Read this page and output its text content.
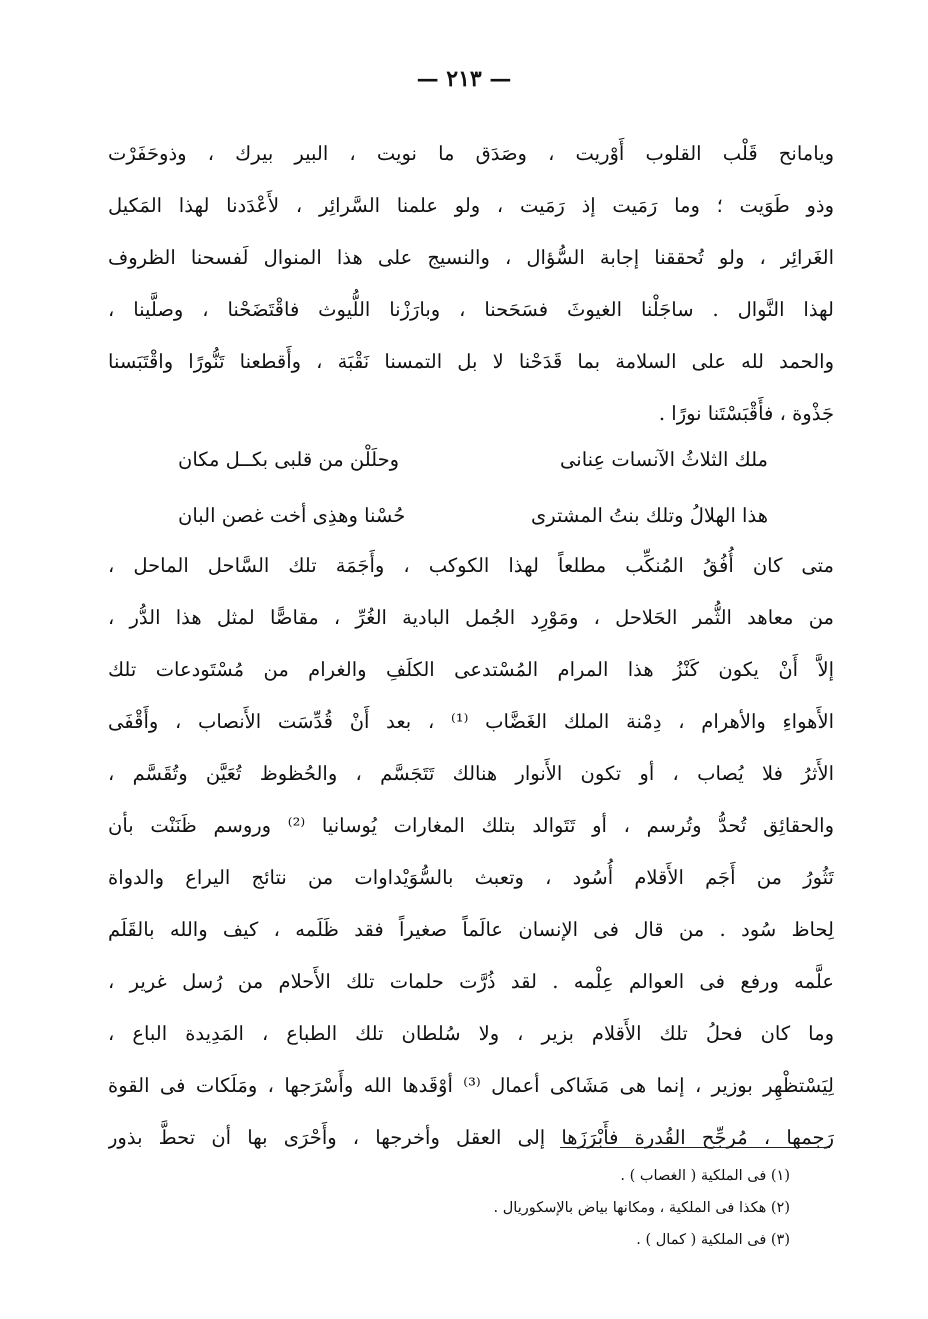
— ٢١٣ —
ويامانح قَلْب القلوب أَوْريت ، وصَدَق ما نويت ، البير بيرك ، وذوحَفَرْت
وذو طَوَيت ؛ وما رَمَيت إذ رَمَيت ، ولو علمنا السَّرائِر ، لأَعْدَدنا لهذا المَكيل
الغَرائِر ، ولو تُحققنا إجابة السُّؤال ، والنسيج على هذا المنوال لَفسحنا الظروف
لهذا النَّوال . ساجَلْنا الغيوثَ فسَحَحنا ، وبارَزْنا اللُّيوث فاقْتَضَحْنا ، وصلَّينا ،
والحمد لله على السلامة بما قَدَحْنا لا بل التمسنا نَقْبَة ، وأَقطعنا تَنُّورًا واقْتَبَسنا
جَذْوة ، فأَقْبَسْتَنا نورًا .
ملك الثلاثُ الآنسات عِنانى
وحلَلْن من قلبى بكــل مكان
هذا الهلالُ وتلك بنتُ المشترى
حُسْنا وهذِى أخت غصن البان
متى كان أُفُقُ المُنكِّب مطلعاً لهذا الكوكب ، وأَجَمَة تلك السَّاحل الماحل ،
من معاهد الثُّمر الحَلاحل ، ومَوْرِد الجُمل البادية الغُرِّ ، مقاصًّا لمثل هذا الدُّر ،
إلاَّ أَنْ يكون كَنْزُ هذا المرام المُسْتدعى الكلَفِ والغرام من مُسْتَودعات تلك
الأَهواءِ والأهرام ، دِمْنة الملك الغَضَّاب ⁽¹⁾ ، بعد أَنْ قُدِّسَت الأَنصاب ، وأَقْفَى
الأَثرُ فلا يُصاب ، أو تكون الأَنوار هنالك تَتَجَسَّم ، والحُظوظ تُعَيَّن وتُقَسَّم ،
والحقائِق تُحدُّ وتُرسم ، أو تَتَوالد بتلك المغارات يُوسانيا ⁽²⁾ وروسم ظَنَنْت بأن
تَثُورُ من أَجَم الأَقلام أُسُود ، وتعبث بالسُّوَيْداوات من نتائج اليراع والدواة
لِحاظ سُود . من قال فى الإنسان عالَماً صغيراً فقد ظَلَمه ، كيف والله بالقَلَم
علَّمه ورفع فى العوالم عِلْمه . لقد ذُرَّت حلمات تلك الأَحلام من رُسل غرير ،
وما كان فحلُ تلك الأَقلام بزير ، ولا سُلطان تلك الطباع ، المَدِيدة الباع ،
لِيَسْتظْهِر بوزير ، إنما هى مَشَاكى أعمال ⁽³⁾ أوْقَدها الله وأَسْرَجها ، ومَلَكات فى القوة
رَجمها ، مُرجِّح القُدرة فأَبْرَزَها إلى العقل وأخرجها ، وأَحْرَى بها أن تحطَّ بذور
(١) فى الملكية ( الغصاب ) .
(٢) هكذا فى الملكية ، ومكانها بياض بالإسكوريال .
(٣) فى الملكية ( كمال ) .
